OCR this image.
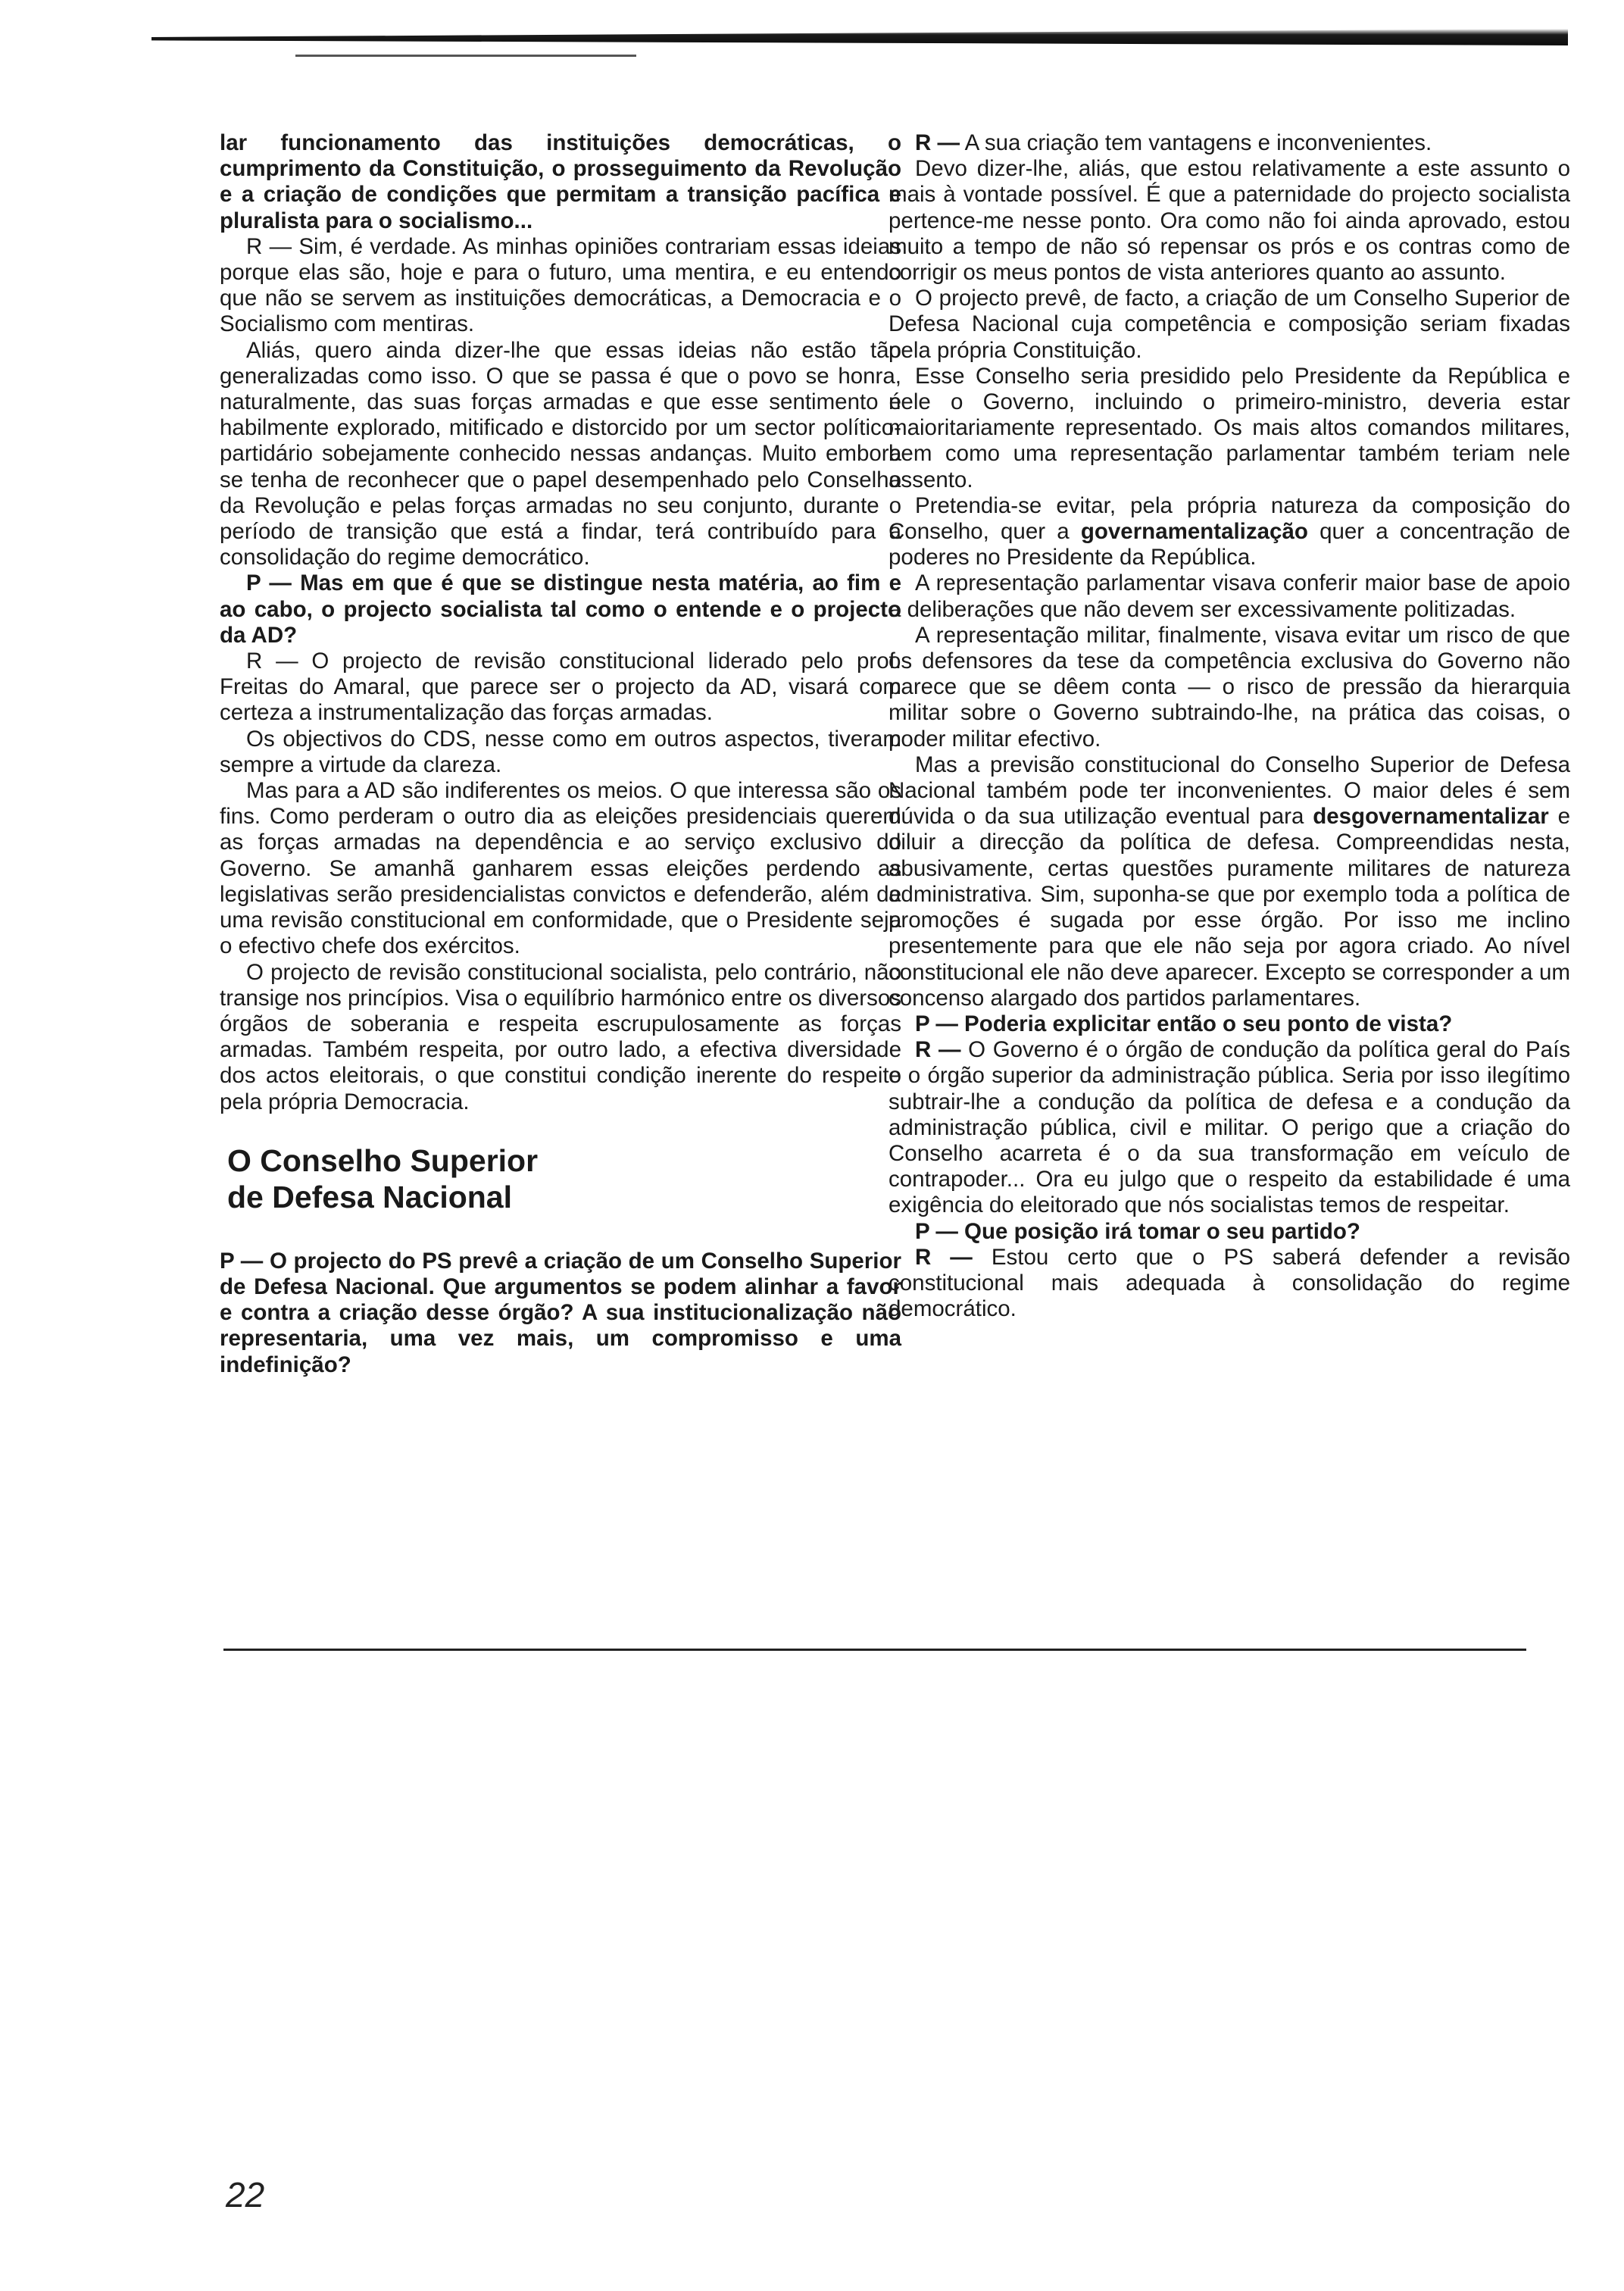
lar funcionamento das instituições democráticas, o cumprimento da Constituição, o prosseguimento da Revolução e a criação de condições que permitam a transição pacífica e pluralista para o socialismo...

R — Sim, é verdade. As minhas opiniões contrariam essas ideias porque elas são, hoje e para o futuro, uma mentira, e eu entendo que não se servem as instituições democráticas, a Democracia e o Socialismo com mentiras.

Aliás, quero ainda dizer-lhe que essas ideias não estão tão generalizadas como isso. O que se passa é que o povo se honra, naturalmente, das suas forças armadas e que esse sentimento é habilmente explorado, mitificado e distorcido por um sector político-partidário sobejamente conhecido nessas andanças. Muito embora se tenha de reconhecer que o papel desempenhado pelo Conselho da Revolução e pelas forças armadas no seu conjunto, durante o período de transição que está a findar, terá contribuído para a consolidação do regime democrático.

P — Mas em que é que se distingue nesta matéria, ao fim e ao cabo, o projecto socialista tal como o entende e o projecto da AD?

R — O projecto de revisão constitucional liderado pelo prof. Freitas do Amaral, que parece ser o projecto da AD, visará com certeza a instrumentalização das forças armadas.

Os objectivos do CDS, nesse como em outros aspectos, tiveram sempre a virtude da clareza.

Mas para a AD são indiferentes os meios. O que interessa são os fins. Como perderam o outro dia as eleições presidenciais querem as forças armadas na dependência e ao serviço exclusivo do Governo. Se amanhã ganharem essas eleições perdendo as legislativas serão presidencialistas convictos e defenderão, além de uma revisão constitucional em conformidade, que o Presidente seja o efectivo chefe dos exércitos.

O projecto de revisão constitucional socialista, pelo contrário, não transige nos princípios. Visa o equilíbrio harmónico entre os diversos órgãos de soberania e respeita escrupulosamente as forças armadas. Também respeita, por outro lado, a efectiva diversidade dos actos eleitorais, o que constitui condição inerente do respeito pela própria Democracia.

O Conselho Superior
de Defesa Nacional

P — O projecto do PS prevê a criação de um Conselho Superior de Defesa Nacional. Que argumentos se podem alinhar a favor e contra a criação desse órgão? A sua institucionalização não representaria, uma vez mais, um compromisso e uma indefinição?

R — A sua criação tem vantagens e inconvenientes.

Devo dizer-lhe, aliás, que estou relativamente a este assunto o mais à vontade possível. É que a paternidade do projecto socialista pertence-me nesse ponto. Ora como não foi ainda aprovado, estou muito a tempo de não só repensar os prós e os contras como de corrigir os meus pontos de vista anteriores quanto ao assunto.

O projecto prevê, de facto, a criação de um Conselho Superior de Defesa Nacional cuja competência e composição seriam fixadas pela própria Constituição.

Esse Conselho seria presidido pelo Presidente da República e nele o Governo, incluindo o primeiro-ministro, deveria estar maioritariamente representado. Os mais altos comandos militares, bem como uma representação parlamentar também teriam nele assento.

Pretendia-se evitar, pela própria natureza da composição do Conselho, quer a governamentalização quer a concentração de poderes no Presidente da República.

A representação parlamentar visava conferir maior base de apoio a deliberações que não devem ser excessivamente politizadas.

A representação militar, finalmente, visava evitar um risco de que os defensores da tese da competência exclusiva do Governo não parece que se dêem conta — o risco de pressão da hierarquia militar sobre o Governo subtraindo-lhe, na prática das coisas, o poder militar efectivo.

Mas a previsão constitucional do Conselho Superior de Defesa Nacional também pode ter inconvenientes. O maior deles é sem dúvida o da sua utilização eventual para desgovernamentalizar e diluir a direcção da política de defesa. Compreendidas nesta, abusivamente, certas questões puramente militares de natureza administrativa. Sim, suponha-se que por exemplo toda a política de promoções é sugada por esse órgão. Por isso me inclino presentemente para que ele não seja por agora criado. Ao nível constitucional ele não deve aparecer. Excepto se corresponder a um concenso alargado dos partidos parlamentares.

P — Poderia explicitar então o seu ponto de vista?

R — O Governo é o órgão de condução da política geral do País e o órgão superior da administração pública. Seria por isso ilegítimo subtrair-lhe a condução da política de defesa e a condução da administração pública, civil e militar. O perigo que a criação do Conselho acarreta é o da sua transformação em veículo de contrapoder... Ora eu julgo que o respeito da estabilidade é uma exigência do eleitorado que nós socialistas temos de respeitar.

P — Que posição irá tomar o seu partido?

R — Estou certo que o PS saberá defender a revisão constitucional mais adequada à consolidação do regime democrático.

22
